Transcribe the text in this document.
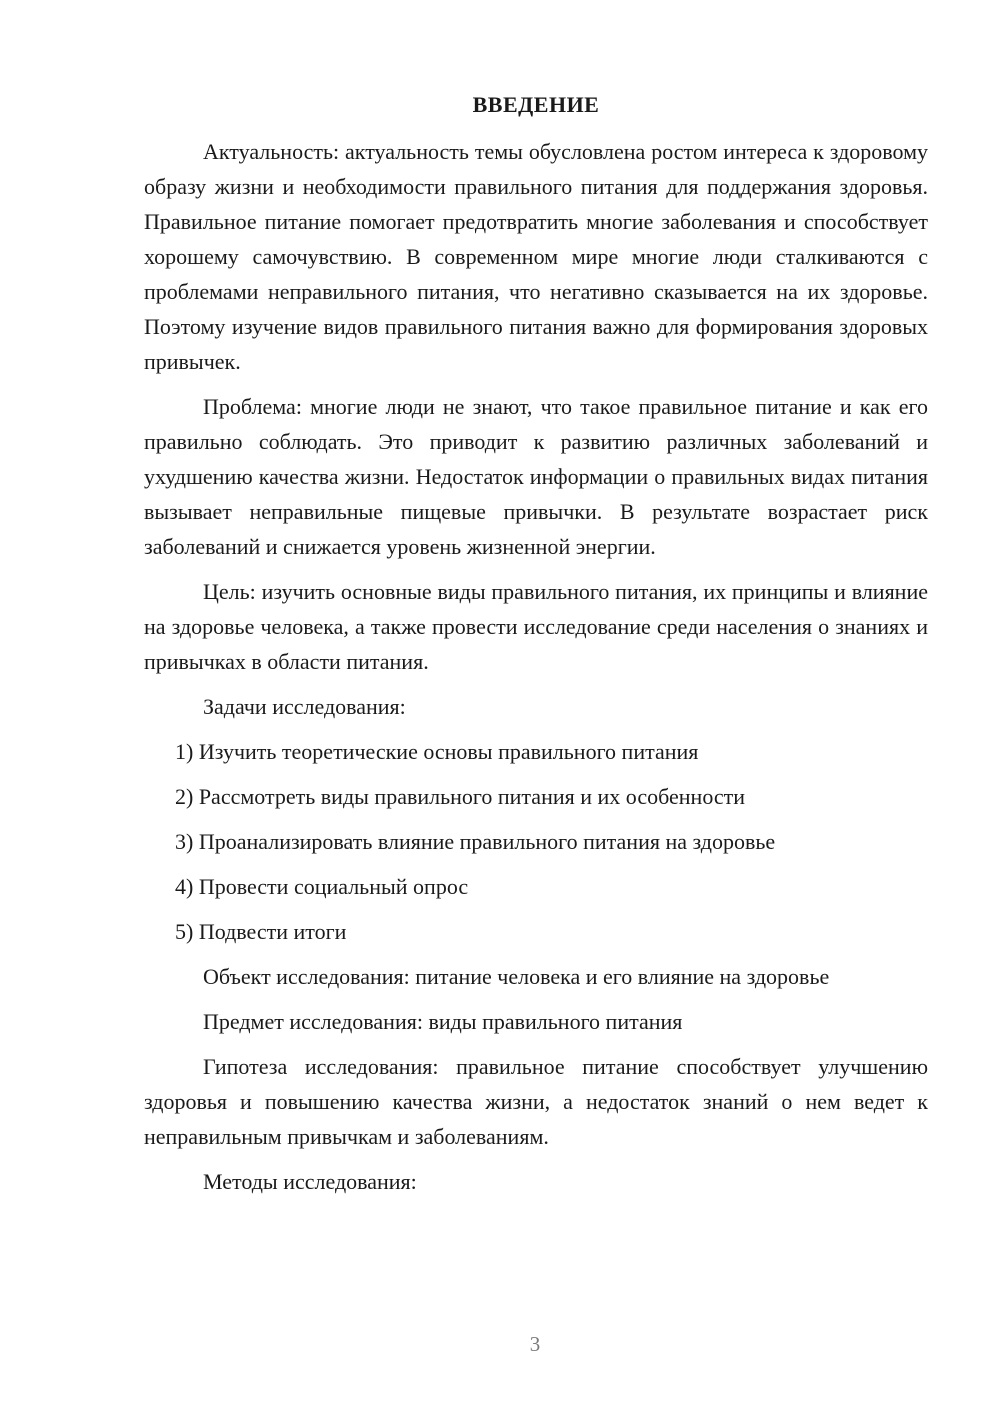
ВВЕДЕНИЕ

Актуальность: актуальность темы обусловлена ростом интереса к здоровому образу жизни и необходимости правильного питания для поддержания здоровья. Правильное питание помогает предотвратить многие заболевания и способствует хорошему самочувствию. В современном мире многие люди сталкиваются с проблемами неправильного питания, что негативно сказывается на их здоровье. Поэтому изучение видов правильного питания важно для формирования здоровых привычек.

Проблема: многие люди не знают, что такое правильное питание и как его правильно соблюдать. Это приводит к развитию различных заболеваний и ухудшению качества жизни. Недостаток информации о правильных видах питания вызывает неправильные пищевые привычки. В результате возрастает риск заболеваний и снижается уровень жизненной энергии.

Цель: изучить основные виды правильного питания, их принципы и влияние на здоровье человека, а также провести исследование среди населения о знаниях и привычках в области питания.

Задачи исследования:

1) Изучить теоретические основы правильного питания
2) Рассмотреть виды правильного питания и их особенности
3) Проанализировать влияние правильного питания на здоровье
4) Провести социальный опрос
5) Подвести итоги

Объект исследования: питание человека и его влияние на здоровье

Предмет исследования: виды правильного питания

Гипотеза исследования: правильное питание способствует улучшению здоровья и повышению качества жизни, а недостаток знаний о нем ведет к неправильным привычкам и заболеваниям.

Методы исследования:

3
